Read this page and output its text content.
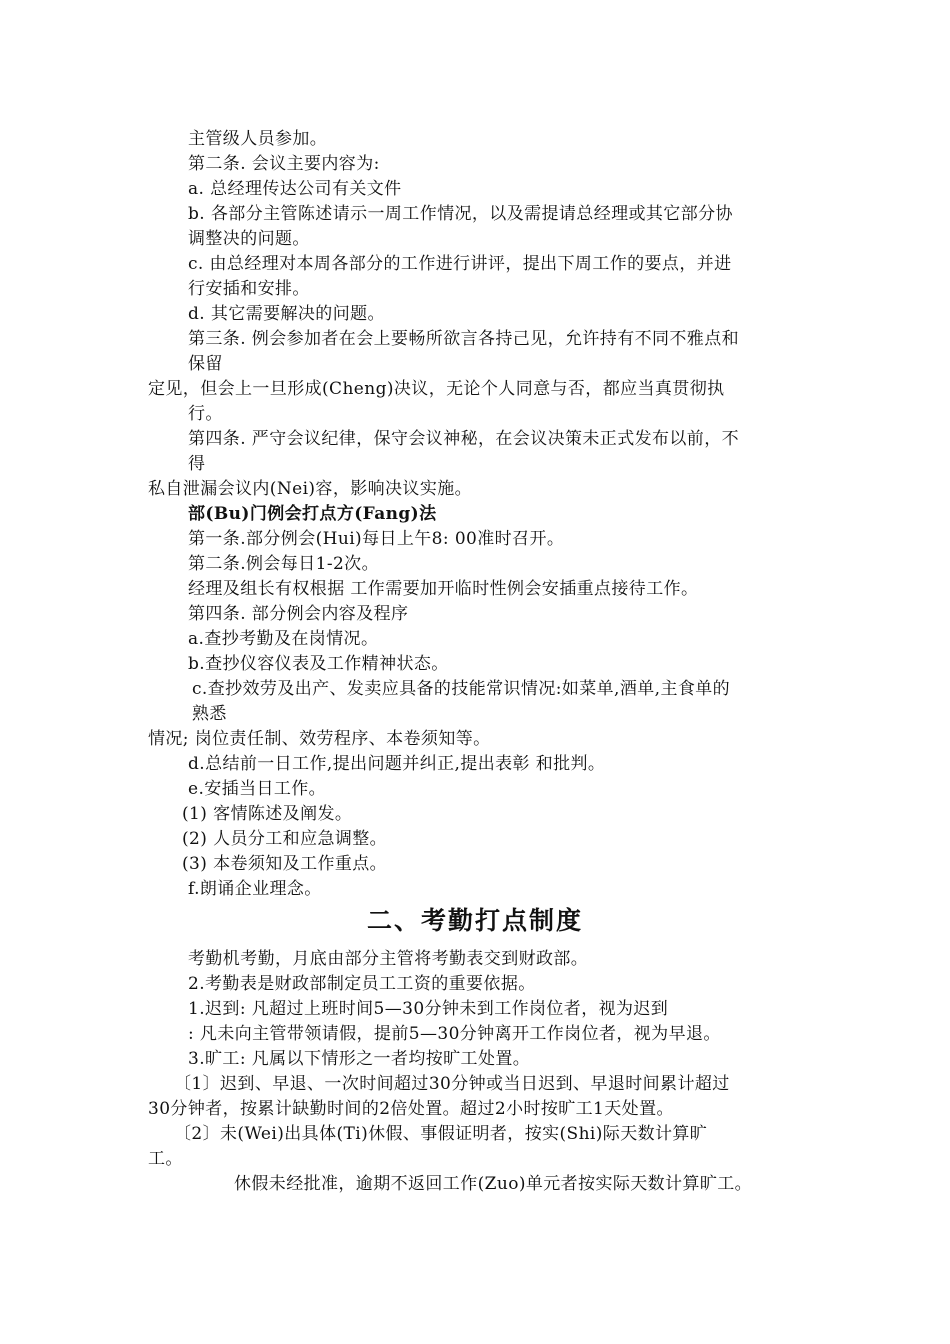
主管级人员参加。
第二条. 会议主要内容为:
a. 总经理传达公司有关文件
b. 各部分主管陈述请示一周工作情况，以及需提请总经理或其它部分协
调整决的问题。
c. 由总经理对本周各部分的工作进行讲评，提出下周工作的要点，并进
行安插和安排。
d. 其它需要解决的问题。
第三条. 例会参加者在会上要畅所欲言各持己见，允许持有不同不雅点和
保留
定见，但会上一旦形成(Cheng)决议，无论个人同意与否，都应当真贯彻执
行。
第四条. 严守会议纪律，保守会议神秘，在会议决策未正式发布以前，不
得
私自泄漏会议内(Nei)容，影响决议实施。
部(Bu)门例会打点方(Fang)法
第一条.部分例会(Hui)每日上午8: 00准时召开。
第二条.例会每日1-2次。
经理及组长有权根据 工作需要加开临时性例会安插重点接待工作。
第四条. 部分例会内容及程序
a.查抄考勤及在岗情况。
b.查抄仪容仪表及工作精神状态。
c.查抄效劳及出产、发卖应具备的技能常识情况:如菜单,酒单,主食单的
熟悉
情况; 岗位责任制、效劳程序、本卷须知等。
d.总结前一日工作,提出问题并纠正,提出表彰 和批判。
e.安插当日工作。
(1) 客情陈述及阐发。
(2) 人员分工和应急调整。
(3) 本卷须知及工作重点。
f.朗诵企业理念。
二、考勤打点制度
考勤机考勤，月底由部分主管将考勤表交到财政部。
2.考勤表是财政部制定员工工资的重要依据。
1.迟到: 凡超过上班时间5—30分钟未到工作岗位者，视为迟到
: 凡未向主管带领请假，提前5—30分钟离开工作岗位者，视为早退。
3.旷工: 凡属以下情形之一者均按旷工处置。
〔1〕迟到、早退、一次时间超过30分钟或当日迟到、早退时间累计超过
30分钟者，按累计缺勤时间的2倍处置。超过2小时按旷工1天处置。
〔2〕未(Wei)出具体(Ti)休假、事假证明者，按实(Shi)际天数计算旷
工。
休假未经批准，逾期不返回工作(Zuo)单元者按实际天数计算旷工。
